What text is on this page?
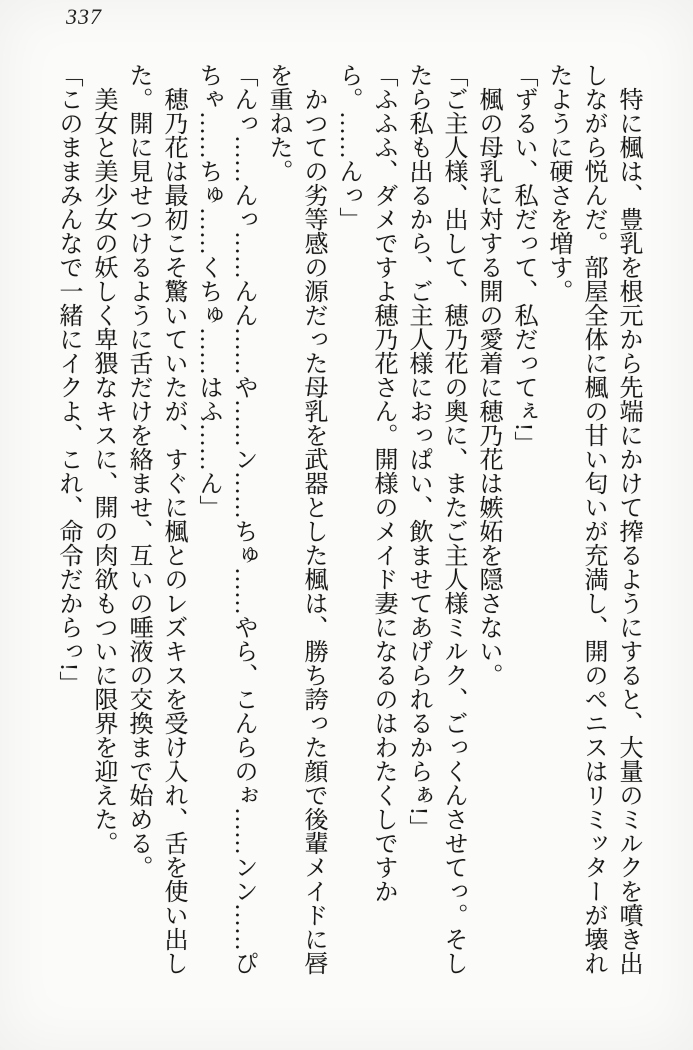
337

特に楓は、豊乳を根元から先端にかけて搾るようにすると、大量のミルクを噴き出しながら悦んだ。部屋全体に楓の甘い匂いが充満し、開のペニスはリミッターが壊れたように硬さを増す。

「ずるい、私だって、私だってぇ!」

楓の母乳に対する開の愛着に穂乃花は嫉妬を隠さない。

「ご主人様、出して、穂乃花の奥に、またご主人様ミルク、ごっくんさせてっ。そしたら私も出るから、ご主人様におっぱい、飲ませてあげられるからぁ!」

「ふふふ、ダメですよ穂乃花さん。開様のメイド妻になるのはわたくしですから。……んっ」

かつての劣等感の源だった母乳を武器とした楓は、勝ち誇った顔で後輩メイドに唇を重ねた。

「んっ……んっ……んん……や……ン……ちゅ……やら、こんらのぉ……ンン……ぴちゃ……ちゅ……くちゅ……はふ……ん」

穂乃花は最初こそ驚いていたが、すぐに楓とのレズキスを受け入れ、舌を使い出した。開に見せつけるように舌だけを絡ませ、互いの唾液の交換まで始める。

美女と美少女の妖しく卑猥なキスに、開の肉欲もついに限界を迎えた。

「このままみんなで一緒にイクよ、これ、命令だからっ!」
